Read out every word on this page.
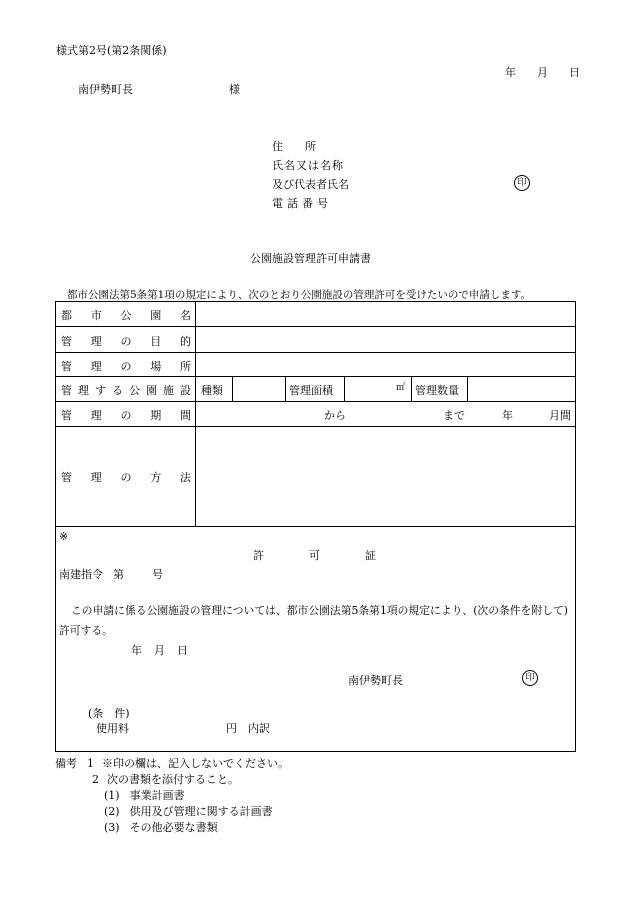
様式第2号(第2条関係)
年 月 日
南伊勢町長	様
住　　所
氏名又は名称
及び代表者氏名
電話番号
印
公園施設管理許可申請書
都市公園法第5条第1項の規定により、次のとおり公園施設の管理許可を受けたいので申請します。
都 市 公 園 名
管 理 の 目 的
管 理 の 場 所
管 理 す る 公 園 施 設 種類	管理面積	㎡ 管理数量
管 理 の 期 間	から	まで	年	月間
管 理 の 方 法
※
許	可	証
南建指令 第	号
この申請に係る公園施設の管理については、都市公園法第5条第1項の規定により、(次の条件を附して)許可する。
年 月 日
南伊勢町長	印
(条　件)
使用料	円　内訳
備考 1 ※印の欄は、記入しないでください。
2 次の書類を添付すること。
(1) 事業計画書
(2) 供用及び管理に関する計画書
(3) その他必要な書類
